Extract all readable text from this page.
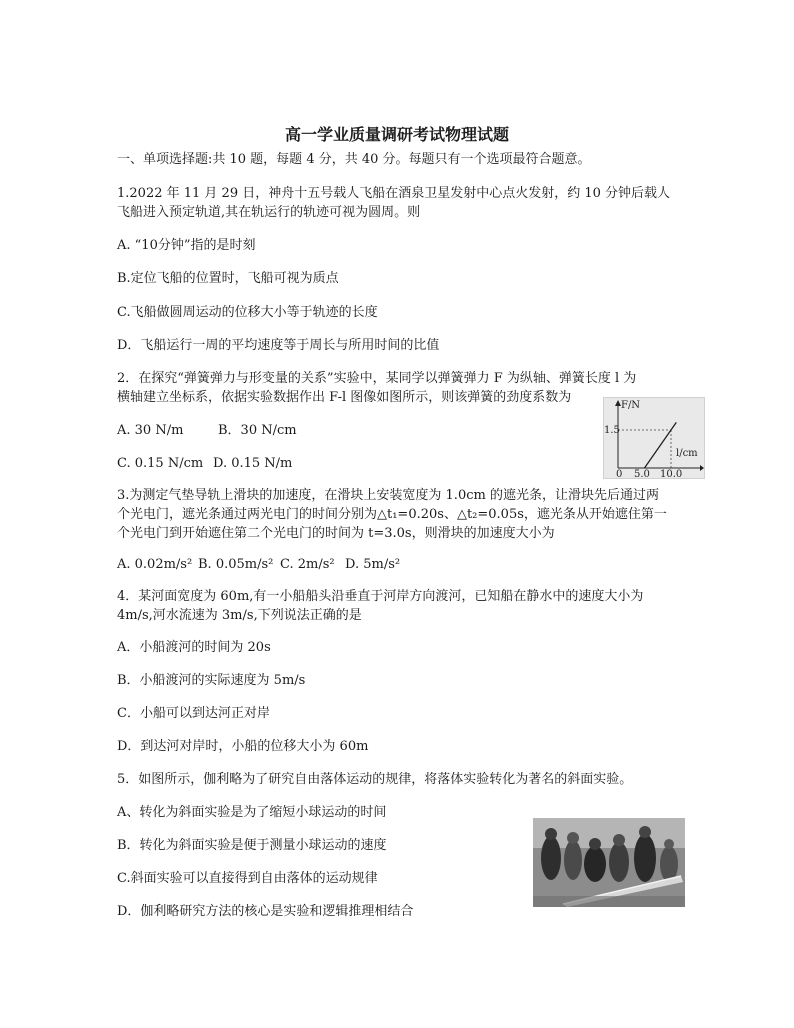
高一学业质量调研考试物理试题
一、单项选择题:共 10 题，每题 4 分，共 40 分。每题只有一个选项最符合题意。
1.2022 年 11 月 29 日，神舟十五号载人飞船在酒泉卫星发射中心点火发射，约 10 分钟后载人
飞船进入预定轨道,其在轨运行的轨迹可视为圆周。则
A. “10分钟”指的是时刻
B.定位飞船的位置时，飞船可视为质点
C.飞船做圆周运动的位移大小等于轨迹的长度
D．飞船运行一周的平均速度等于周长与所用时间的比值
2．在探究“弹簧弹力与形变量的关系”实验中，某同学以弹簧弹力 F 为纵轴、弹簧长度 l 为
横轴建立坐标系，依据实验数据作出 F-l 图像如图所示，则该弹簧的劲度系数为
A. 30 N/m	B．30 N/cm
C. 0.15 N/cm D. 0.15 N/m
F/N
l/cm
1.5
0 5.0 10.0
3.为测定气垫导轨上滑块的加速度，在滑块上安装宽度为 1.0cm 的遮光条，让滑块先后通过两
个光电门，遮光条通过两光电门的时间分别为△t₁=0.20s、△t₂=0.05s，遮光条从开始遮住第一
个光电门到开始遮住第二个光电门的时间为 t=3.0s，则滑块的加速度大小为
A. 0.02m/s² B. 0.05m/s² C. 2m/s² D. 5m/s²
4．某河面宽度为 60m,有一小船船头沿垂直于河岸方向渡河，已知船在静水中的速度大小为
4m/s,河水流速为 3m/s,下列说法正确的是
A．小船渡河的时间为 20s
B．小船渡河的实际速度为 5m/s
C．小船可以到达河正对岸
D．到达河对岸时，小船的位移大小为 60m
5．如图所示，伽利略为了研究自由落体运动的规律，将落体实验转化为著名的斜面实验。
A、转化为斜面实验是为了缩短小球运动的时间
B．转化为斜面实验是便于测量小球运动的速度
C.斜面实验可以直接得到自由落体的运动规律
D．伽利略研究方法的核心是实验和逻辑推理相结合
